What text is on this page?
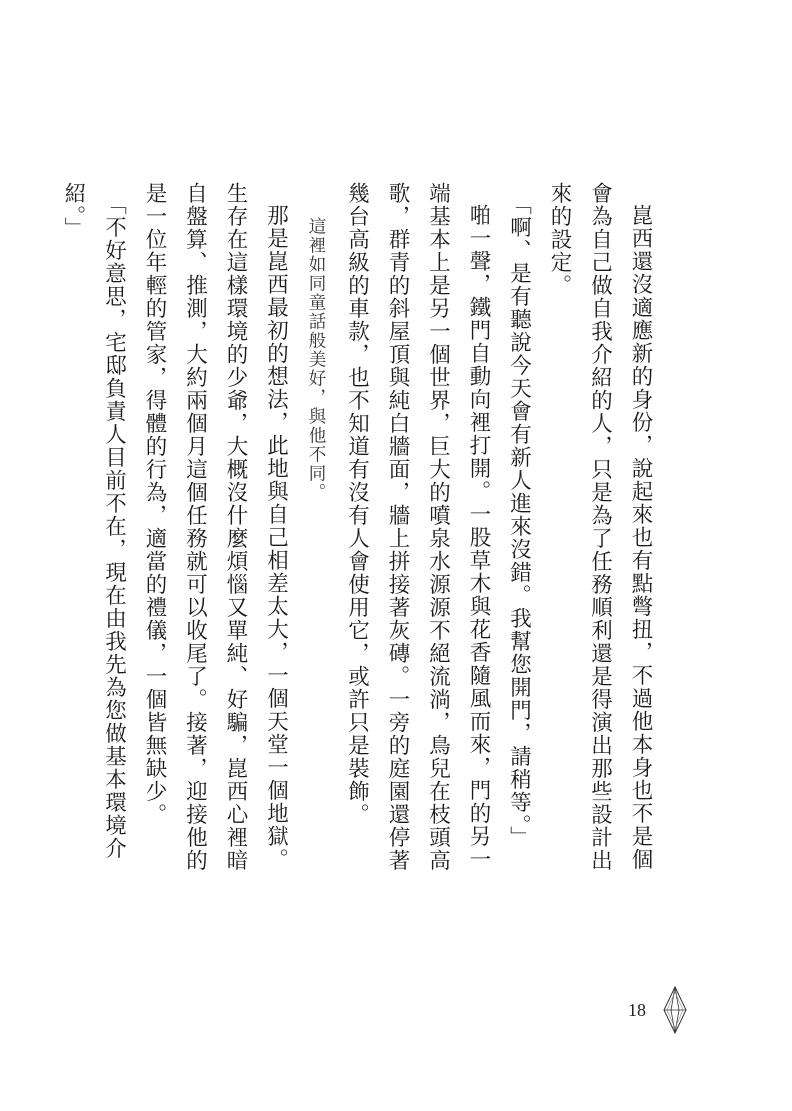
崑西還沒適應新的身份，說起來也有點彆扭，不過他本身也不是個會為自己做自我介紹的人，只是為了任務順利還是得演出那些設計出來的設定。

「啊、是有聽說今天會有新人進來沒錯。我幫您開門，請稍等。」

啪一聲，鐵門自動向裡打開。一股草木與花香隨風而來，門的另一端基本上是另一個世界，巨大的噴泉水源源不絕流淌，鳥兒在枝頭高歌，群青的斜屋頂與純白牆面，牆上拼接著灰磚。一旁的庭園還停著幾台高級的車款，也不知道有沒有人會使用它，或許只是裝飾。

這裡如同童話般美好，與他不同。

那是崑西最初的想法，此地與自己相差太大，一個天堂一個地獄。生存在這樣環境的少爺，大概沒什麼煩惱又單純、好騙，崑西心裡暗自盤算、推測，大約兩個月這個任務就可以收尾了。接著，迎接他的是一位年輕的管家，得體的行為，適當的禮儀，一個皆無缺少。

「不好意思，宅邸負責人目前不在，現在由我先為您做基本環境介紹。」

18
